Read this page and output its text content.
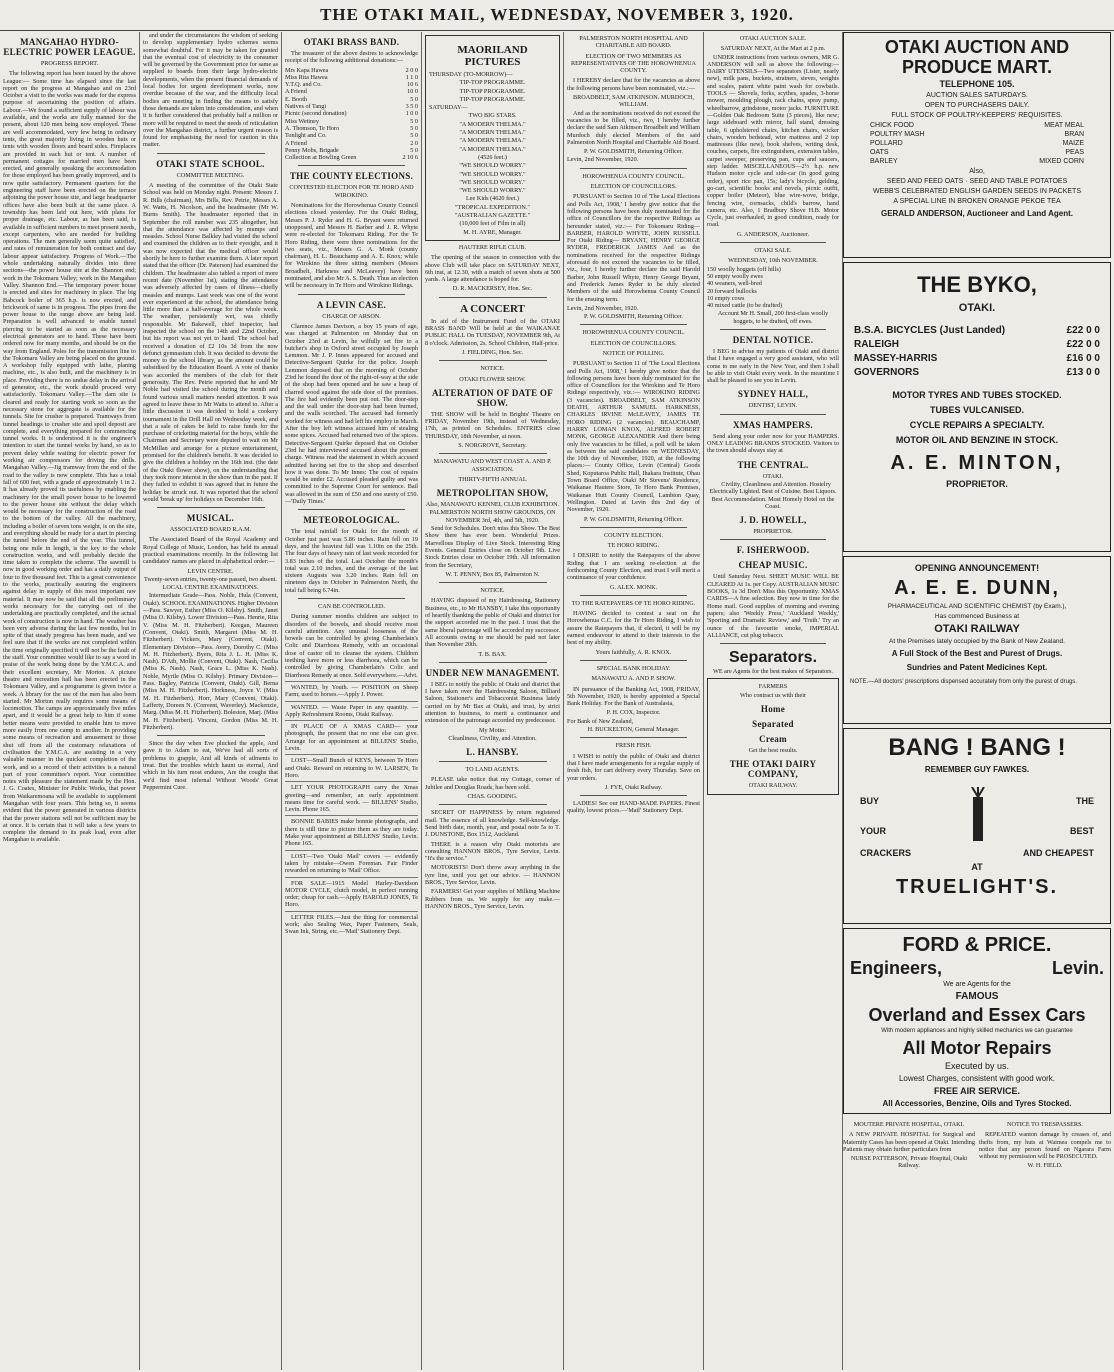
THE OTAKI MAIL, WEDNESDAY, NOVEMBER 3, 1920.
MANGAHAO HYDRO-ELECTRIC POWER LEAGUE.
PROGRESS REPORT.

The following report has been issued by the above League:— Some time has elapsed since the last report on the progress at Mangahao and on 23rd October a visit to the works was made for the express purpose of ascertaining the position of affairs. Labour.—We found a sufficient supply of labour was available, and the works are fully manned for the present, about 120 men being now employed. These are well accommodated, very few being in ordinary tents, the great majority living in wooden huts or tents with wooden floors and board sides. Fireplaces are provided in each hut or tent. A number of permanent cottages for married men have been erected, and generally speaking the accommodation for those employed has been greatly improved, and is now quite satisfactory. Permanent quarters for the engineering staff have been erected on the terrace adjoining the power house site, and large headquarter offices have also been built at the same place. A township has been laid out here, with plans for proper drainage, etc. Labour, as has been said, is available in sufficient numbers to meet present needs, except carpenters, who are needed for building operations. The men generally seem quite satisfied, and rates of remuneration for both contract and day labour appear satisfactory. Progress of Work.—The whole undertaking naturally divides into three sections—the power house site at the Shannon end; work in the Tokomaru Valley; work in the Mangahao Valley. Shannon End.—The temporary power house is erected and sites for machinery in place. The big Babcock boiler of 365 h.p. is now erected, and brickwork of same is in progress. The pipes from the power house to the range above are being laid. Preparation is well advanced to enable tunnel piercing to be started as soon as the necessary electrical generators are to hand. These have been ordered now for many months, and should be on the way from England. Poles for the transmission line to the Tokomaru Valley are being placed on the ground. A workshop fully equipped with lathe, planing machine, etc., is also built, and the machinery is in place. Providing there is no undue delay in the arrival of generator, etc., the work should proceed very satisfactorily. Tokomaru Valley.—The dam site is cleared and ready for starting work so soon as the necessary stone for aggregate is available for the tunnels. Site for crusher is prepared. Tramways from tunnel headings to crusher site and spoil deposit are complete, and everything prepared for commencing tunnel works. It is understood it is the engineer's intention to start the tunnel works by hand, so as to prevent delay while waiting for electric power for working air compressors for driving the drills. Mangahao Valley.—Jig tramway from the end of the road to the valley is now complete. This has a total fall of 600 feet, with a grade of approximately 1 in 2. It has already proved its usefulness by enabling the machinery for the small power house to be lowered to the power house site without the delay which would be necessary for the construction of the road to the bottom of the valley. All the machinery, including a boiler of seven tons weight, is on the site, and everything should be ready for a start in piercing the tunnel before the end of the year. This tunnel, being one mile in length, is the key to the whole construction works, and will probably decide the time taken to complete the scheme. The sawmill is now in good working order and has a daily output of four to five thousand feet. This is a great convenience to the works, practically assuring the engineers against delay in supply of this most important raw material. It may now be said that all the preliminary works necessary for the carrying out of the undertaking are practically completed, and the actual work of construction is now in hand. The weather has been very adverse during the last few months, but in spite of that steady progress has been made, and we feel sure that if the works are not completed within the time originally specified it will not be the fault of the staff. Your committee would like to say a word in praise of the work being done by the Y.M.C.A. and their excellent secretary, Mr Morton. A picture theatre and recreation hall has been erected in the Tokomaru Valley, and a programme is given twice a week. A library for the use of the men has also been started. Mr Morton really requires some means of locomotion. The camps are approximately five miles apart, and it would be a great help to him if some better means were provided to enable him to move more easily from one camp to another. In providing some means of recreation and amusement to those shut off from all the customary relaxations of civilisation the Y.M.C.A. are assisting in a very valuable manner in the quickest completion of the work, and so a record of their activities is a natural part of your committee's report. Your committee notes with pleasure the statement made by the Hon. J. G. Coates, Minister for Public Works, that power from Waikaremoana will be available to supplement Mangahao with four years. This being so, it seems evident that the power generated in various districts that the power stations will not be sufficient may be at once. It is certain that it will take a few years to complete the demand to its peak load, even after Mangahao is available.

and under the circumstances the wisdom of seeking to develop supplementary hydro schemes seems somewhat doubtful. For it may be taken for granted that the eventual cost of electricity to the consumer will be governed by the Government price for same as supplied to boards from their large hydro-electric developments, when the present financial demands of local bodies for urgent development works, now overdue because of the war, and the difficulty local bodies are meeting in finding the means to satisfy those demands are taken into consideration, and when it is further considered that probably half a million or more will be required to meet the needs of reticulation over the Mangahao district, a further urgent reason is found for emphasising the need for caution in this matter.

OTAKI STATE SCHOOL.
COMMITTEE MEETING.

A meeting of the committee of the Otaki State School was held on Monday night. Present: Messrs J. R. Bills (chairman), Mrs Bills, Rev. Petrie, Messrs A. W. Watts, H. Nicolson, and the headmaster (Mr W. Burns Smith). The headmaster reported that in September the roll number was 235 altogether, but that the attendance was affected by mumps and measles. School Nurse Balkley had visited the school and examined the children as to their eyesight, and it was now expected that the medical officer would shortly be here to further examine them. A later report stated that the officer (Dr. Paterson) had examined the children. The headmaster also tabled a report of more recent date (November 1st), stating the attendance was adversely affected by cases of illness—chiefly measles and mumps. Last week was one of the worst ever experienced at the school, the attendance being little more than a half-average for the whole week. The weather, persistently wet, was chiefly responsible. Mr Bakewell, chief inspector, had inspected the school on the 14th and 22nd October, but his report was not yet to hand. The school had received a donation of £2 10s 3d from the now defunct gymnasium club. It was decided to devote the money to the school library, as the amount could be subsidised by the Education Board. A vote of thanks was accorded the members of the club for their generosity. The Rev. Petrie reported that he and Mr Noble had visited the school during the month and found various small matters needed attention. It was agreed to leave these to Mr Watts to attend to. After a little discussion it was decided to hold a cookery tournament in the Drill Hall on Wednesday week, and that a sale of cakes be held to raise funds for the purchase of cricketing material for the boys, while the Chairman and Secretary were deputed to wait on Mr McMillan and arrange for a picture entertainment, promised for the children's benefit. It was decided to give the children a holiday on the 16th inst. (the date of the Otaki flower show), on the understanding that they took more interest in the show than in the past. If they failed to exhibit it was agreed that in future the holiday be struck out. It was reported that the school would 'break up' for holidays on December 16th.

MUSICAL.
ASSOCIATED BOARD R.A.M.

The Associated Board of the Royal Academy and Royal College of Music, London, has held its annual practical examinations recently. In the following list candidates' names are placed in alphabetical order:—

LEVIN CENTRE.
Twenty-seven entries, twenty-one passed, two absent.
LOCAL CENTRE EXAMINATIONS.

Intermediate Grade—Pass. Noble, Hula (Convent, Otaki). SCHOOL EXAMINATIONS. Higher Division—Pass. Sawyer, Esther (Miss O. Kilsby). Smith, Janet (Miss O. Kilsby). Lower Division—Pass. Henrie, Rita V. (Miss M. H. Fitzherbert). Keegan, Maureen (Convent, Otaki). Smith, Margaret (Miss M. H. Fitzherbert). Vickers, Mary (Convent, Otaki). Elementary Division—Pass. Avery, Dorothy C. (Miss M. H. Fitzherbert). Byers, Rita J. L. H. (Miss K. Nash). D'Ath, Mollie (Convent, Otaki). Nash, Cecilia (Miss K. Nash). Nash, Grace L. (Miss K. Nash). Noble, Myrtle (Miss O. Kilsby). Primary Division—Pass. Bagley, Patricia (Convent, Otaki). Gill, Berna (Miss M. H. Fitzherbert). Horkness, Joyce V. (Miss M. H. Fitzherbert). Horr, Mary (Convent, Otaki). Lafferty, Doreen N. (Convent, Waverley). Mackenzie, Marg. (Miss M. H. Fitzherbert). Boleston, Marj. (Miss M. H. Fitzherbert). Vincent, Gordon (Miss M. H. Fitzherbert).

Since the day when Eve plucked the apple, And gave it to Adam to eat, We've had all sorts of problems to grapple, And all kinds of ailments to treat. But the troubles which haunt us eternal, And which in his turn most endures, Are the coughs that we'd find most infernal Without Woods' Great Peppermint Cure.

OTAKI BRASS BAND.

The treasurer of the above desires to acknowledge receipt of the following additional donations:—

Mrs Kapa Hawea	2 0 0
Miss Rita Hawea	1 1 0
Y.T.Q. and Co.	10 6
A Friend	10 0
E. Booth	5 0
Natives of Tangi	3 5 0
Picnic (second donation)	1 0 0
Miss Wetiney	5 0
A. Thomson, Te Horo	5 0
Tonlight and Co.	5 0
A Friend	2 0
Penny Mobs, Brigade	5 0
Collection at Bowling Green	2 10 6
THE COUNTY ELECTIONS.
CONTESTED ELECTION FOR TE HORO AND WIROKINO.

Nominations for the Horowhenua County Council elections closed yesterday. For the Otaki Riding, Messrs P. J. Ryder and H. G. Bryant were returned unopposed, and Messrs H. Barber and J. R. Whyte were re-elected for Tokomaru Riding. For the Te Horo Riding, there were three nominations for the two seats, viz., Messrs G. A. Monk (county chairman), H. L. Beauchamp and A. E. Knox; while for Wirokino the three sitting members (Messrs Broadbelt, Harkness and McLeavey) have been nominated, and also Mr A. S. Death. Thus an election will be necessary in Te Horo and Wirokino Ridings.

A LEVIN CASE.
CHARGE OF ARSON.

Clarence James Davison, a boy 15 years of age, was charged at Palmerston on Monday that on October 23rd at Levin, he wilfully set fire to a butcher's shop in Oxford street occupied by Joseph Lemmon. Mr J. P. Innes appeared for accused and Detective-Sergeant Quirke for the police. Joseph Lemmon deposed that on the morning of October 23rd he found the door of the right-of-way at the side of the shop had been opened and he saw a heap of charred wood against the side door of the premises. The fire had evidently been put out. The door-step and the wall under the door-step had been burned, and the walls scorched. The accused had formerly worked for witness and had left his employ in March. After the boy left witness accused him of stealing some spices. Accused had returned two of the spices. Detective-Sergeant Quirke deposed that on October 23rd he had interviewed accused about the present charge. Witness read the statement in which accused admitted having set fire to the shop and described how it was done. To Mr Innes: The cost of repairs would be under £2. Accused pleaded guilty and was committed to the Supreme Court for sentence. Bail was allowed in the sum of £50 and one surety of £50.—'Daily Times.'

METEOROLOGICAL.

The total rainfall for Otaki for the month of October just past was 5.86 inches. Rain fell on 19 days, and the heaviest fall was 1.10in on the 25th. The four days of heavy rain of last week recorded for 3.83 inches of the total. Last October the month's total was 2.10 inches, and the average of the last sixteen Augusts was 3.20 inches. Rain fell on nineteen days in October in Palmerston North, the total fall being 6.74in.

CAN BE CONTROLLED.

During summer months children are subject to disorders of the bowels, and should receive most careful attention. Any unusual looseness of the bowels can be controlled by giving Chamberlain's Colic and Diarrhoea Remedy, with an occasional dose of castor oil to cleanse the system. Children teething have more or less diarrhoea, which can be controlled by giving Chamberlain's Colic and Diarrhoea Remedy at once. Sold everywhere.—Advt.

WANTED, by Youth. — POSITION on Sheep Farm; used to horses.—Apply J. Power.

WANTED. — Waste Paper in any quantity. — Apply Refreshment Rooms, Otaki Railway.

IN PLACE OF A XMAS CARD— your photograph, the present that no one else can give. Arrange for an appointment at BILLENS' Studio, Levin.

LOST—Small Bunch of KEYS, between Te Horo and Otaki. Reward on returning to W. LARSEN, Te Horo.

LET YOUR PHOTOGRAPH carry the Xmas greeting—and remember, an early appointment means time for careful work. — BILLENS' Studio, Levin. Phone 165.

BONNIE BABIES make bonnie photographs, and there is still time to picture them as they are today. Make your appointment at BILLENS' Studio, Levin. Phone 165.

LOST—Two 'Otaki Mail' covers — evidently taken by mistake—Owen Foreman. Fair Finder rewarded on returning to 'Mail' Office.

FOR SALE—1915 Model Harley-Davidson MOTOR CYCLE, clutch model, in perfect running order; cheap for cash.—Apply HAROLD JONES, Te Horo.

LETTER FILES.—Just the thing for commercial work; also Sealing Wax, Paper Fasteners, Seals, Swan Ink, String, etc.—'Mail' Stationery Dept.

MAORILAND PICTURES
THURSDAY (TO-MORROW)—
TIP-TOP PROGRAMME.
TIP-TOP PROGRAMME.
TIP-TOP PROGRAMME.
SATURDAY—
TWO BIG STARS.
"A MODERN THELMA."
"A MODERN THELMA."
"A MODERN THELMA."
"A MODERN THELMA."
(4526 feet.)
"WE SHOULD WORRY."
"WE SHOULD WORRY."
"WE SHOULD WORRY."
"WE SHOULD WORRY."
Lee Kids (4620 feet.)
"TROPICAL EXPEDITION."
"AUSTRALIAN GAZETTE."
(10,000 feet of Film in all)
M. H. AYRE, Manager.
HAUTERE RIFLE CLUB.

The opening of the season in connection with the above Club will take place on SATURDAY NEXT, 6th inst, at 12.30, with a match of seven shots at 500 yards. A large attendance is hoped for.

D. R. MACKERSEY, Hon. Sec.
A CONCERT

In aid of the Instrument Fund of the OTAKI BRASS BAND Will be held at the WAIKANAE PUBLIC HALL On TUESDAY, NOVEMBER 9th, At 8 o'clock. Admission, 2s. School Children, Half-price.

J. FIELDING, Hon. Sec.
NOTICE.
OTAKI FLOWER SHOW.
ALTERATION OF DATE OF SHOW.

THE SHOW will be held in Brights' Theatre on FRIDAY, November 19th, instead of Wednesday, 17th, as printed on Schedules. ENTRIES close THURSDAY, 18th November, at noon.

S. NORGROVE, Secretary.
MANAWATU AND WEST COAST A. AND P. ASSOCIATION.
THIRTY-FIFTH ANNUAL
METROPOLITAN SHOW,
Also, MANAWATU KENNEL CLUB EXHIBITION.
PALMERSTON NORTH SHOW GROUNDS, ON NOVEMBER 3rd, 4th, and 5th, 1920.

Send for Schedules. Don't miss this Show. The Best Show there has ever been. Wonderful Prizes. Marvellous Display of Live Stock. Interesting Ring Events. General Entries close on October 9th. Live Stock Entries close on October 19th. All information from the Secretary,

W. T. PENNY, Box 85, Palmerston N.
NOTICE.

HAVING disposed of my Hairdressing, Stationery Business, etc., to Mr HANSBY, I take this opportunity of heartily thanking the public of Otaki and district for the support accorded me in the past. I trust that the same liberal patronage will be accorded my successor. All accounts owing to me should be paid not later than November 20th.

T. B. BAX.
UNDER NEW MANAGEMENT.

I BEG to notify the public of Otaki and district that I have taken over the Hairdressing Saloon, Billiard Saloon, Stationer's and Tobacconist Business lately carried on by Mr Bax at Otaki, and trust, by strict attention to business, to merit a continuance and extension of the patronage accorded my predecessor.

My Motto:
Cleanliness, Civility, and Attention.
L. HANSBY.
TO LAND AGENTS.

PLEASE take notice that my Cottage, corner of Jubilee and Douglas Roads, has been sold.

CHAS. GOODING.

SECRET OF HAPPINESS by return registered mail. The essence of all knowledge. Self-knowledge. Send birth date, month, year, and postal note 5s to T. J. DUNSTONE, Box 1512, Auckland.

THERE is a reason why Otaki motorists are consulting HANNON BROS., Tyre Service, Levin. "It's the service."

MOTORISTS! Don't throw away anything in the tyre line, until you get our advice. — HANNON BROS., Tyre Service, Levin.

FARMERS! Get your supplies of Milking Machine Rubbers from us. We supply for any make.—HANNON BROS., Tyre Service, Levin.

PALMERSTON NORTH HOSPITAL AND CHARITABLE AID BOARD.
ELECTION OF TWO MEMBERS AS REPRESENTATIVES OF THE HOROWHENUA COUNTY.

I HEREBY declare that for the vacancies as above the following persons have been nominated, viz.:—

BROADBELT, SAM ATKINSON. MURDOCH, WILLIAM.

And as the nominations received do not exceed the vacancies to be filled, viz., two, I hereby further declare the said Sam Atkinson Broadbelt and William Murdoch duly elected Members of the said Palmerston North Hospital and Charitable Aid Board.

P. W. GOLDSMITH, Returning Officer.
Levin, 2nd November, 1920.
HOROWHENUA COUNTY COUNCIL.
ELECTION OF COUNCILLORS.

PURSUANT to Section 10 of 'The Local Elections and Polls Act, 1908,' I hereby give notice that the following persons have been duly nominated for the office of Councillors for the respective Ridings as hereunder stated, viz.:— For Tokomaru Riding— BARBER, HAROLD WHYTE, JOHN RUSSELL For Otaki Riding— BRYANT, HENRY GEORGE RYDER, FREDERICK JAMES And as the nominations received for the respective Ridings aforesaid do not exceed the vacancies to be filled, viz., four, I hereby further declare the said Harold Barber, John Russell Whyte, Henry George Bryant, and Frederick James Ryder to be duly elected Members of the said Horowhenua County Council for the ensuing term.

Levin, 2nd November, 1920.
P. W. GOLDSMITH, Returning Officer.
HOROWHENUA COUNTY COUNCIL.
ELECTION OF COUNCILLORS.
NOTICE OF POLLING.

PURSUANT to Section 11 of 'The Local Elections and Polls Act, 1908,' I hereby give notice that the following persons have been duly nominated for the office of Councillors for the Wirokino and Te Horo Ridings respectively, viz.:— WIROKINO RIDING (3 vacancies). BROADBELT, SAM ATKINSON DEATH, ARTHUR SAMUEL HARKNESS, CHARLES IRVINE McLEAVEY, JAMES TE HORO RIDING (2 vacancies). BEAUCHAMP, HARRY LOMAN KNOX, ALFRED ROBERT MONK, GEORGE ALEXANDER And there being only five vacancies to be filled, a poll will be taken as between the said candidates on WEDNESDAY, the 10th day of November, 1920, at the following places:— County Office, Levin (Central) Goods Shed, Koputaroa Public Hall, Ihakara Institute, Ohau Town Board Office, Otaki Mr Stevens' Residence, Waikanae Hautere Store, Te Horo Bank Premises, Waikanae Hutt County Council, Lambton Quay, Wellington. Dated at Levin this 2nd day of November, 1920.

P. W. GOLDSMITH, Returning Officer.
COUNTY ELECTION.
TE HORO RIDING.

I DESIRE to notify the Ratepayers of the above Riding that I am seeking re-election at the forthcoming County Election, and trust I will merit a continuance of your confidence.

G. ALEX. MONK.
TO THE RATEPAYERS OF TE HORO RIDING.

HAVING decided to contest a seat on the Horowhenua C.C. for the Te Horo Riding, I wish to assure the Ratepayers that, if elected, it will be my earnest endeavour to attend to their interests to the best of my ability.

Yours faithfully, A. R. KNOX.
SPECIAL BANK HOLIDAY.
MANAWATU A. AND P. SHOW.

IN pursuance of the Banking Act, 1908, FRIDAY, 5th November, 1920, is hereby appointed a Special Bank Holiday. For the Bank of Australasia,

P. H. COX, Inspector.
For Bank of New Zealand,
H. BUCKELTON, General Manager.
FRESH FISH.

I WISH to notify the public of Otaki and district that I have made arrangements for a regular supply of fresh fish, for cart delivery every Thursday. Save on your orders.

J. FYE, Otaki Railway.

LADIES! See our HAND-MADE PAPERS. Finest quality, lowest prices.—'Mail' Stationery Dept.

OTAKI AUCTION SALE.
SATURDAY NEXT, At the Mart at 2 p.m.

UNDER instructions from various owners, MR G. ANDERSON will sell as above the following:— DAIRY UTENSILS—Two separators (Lister, nearly new), milk pans, buckets, strainers, sieves, weights and scales, patent white paint wash for cowbails. TOOLS — Shovels, forks, scythes, spades, 3-horse mower, moulding plough, rack chains, spray pump, wheelbarrow, grindstone, motor jacks. FURNITURE—Golden Oak Bedroom Suite (3 pieces), like new; large sideboard with mirror, hall stand, dressing table, 6 upholstered chairs, kitchen chairs, wicker chairs, wooden bedstead, wire mattress and 2 top mattresses (like new), book shelves, writing desk, couches, carpets, fire extinguishers, extension tables, carpet sweeper, preserving pan, cups and saucers, step ladder. MISCELLANEOUS—2½ h.p. new Hudson motor cycle and side-car (in good going order), sport rice pan, 15s; lady's bicycle, gelding, go-cart, scientific books and novels, picnic outfit, copper boiler (Meteor), blue wire-wove, bridge, fencing wire, cornsacks, child's barrow, hand camera, etc. Also, 1 Bradbury Shove H.B. Motor Cycle, just overhauled, in good condition, ready for road.

G. ANDERSON, Auctioneer.
OTAKI SALE.
WEDNESDAY, 10th NOVEMBER.
150 woolly hoggets (off hills)
50 empty woolly ewes
40 weaners, well-bred
20 forward bullocks
10 empty cows
40 mixed cattle (to be drafted)
Account Mr H. Small, 200 first-class woolly hoggets, to be drafted, off ewes.
DENTAL NOTICE.

I BEG to advise my patients of Otaki and district that I have engaged a very good assistant, who will come to me early in the New Year, and then I shall be able to visit Otaki every week. In the meantime I shall be pleased to see you in Levin.

SYDNEY HALL,
DENTIST, LEVIN.
XMAS HAMPERS.

Send along your order now for your HAMPERS. ONLY LEADING BRANDS STOCKED. Visitors to the town should always stay at

THE CENTRAL.
OTAKI.

Civility, Cleanliness and Attention. Hostelry Electrically Lighted. Best of Cuisine. Best Liquors. Best Accommodation. Most Homely Hotel on the Coast.

J. D. HOWELL,
PROPRIETOR.
F. ISHERWOOD.
CHEAP MUSIC.

Until Saturday Next. SHEET MUSIC WILL BE CLEARED At 1s. per Copy. AUSTRALIAN MUSIC BOOKS, 1s 3d Don't Miss this Opportunity. XMAS CARDS—A fine selection. Buy now in time for the Home mail. Good supplies of morning and evening papers; also 'Weekly Press,' 'Auckland Weekly,' 'Sporting and Dramatic Review,' and 'Truth.' Try an ounce of the favourite smoke, IMPERIAL ALLIANCE, cut plug tobacco.

Separators.

WE are Agents for the best makes of Separators.

FARMERS
Who contract us with their
Home
Separated
Cream
Get the best results.
THE OTAKI DAIRY COMPANY,
OTAKI RAILWAY.
OTAKI AUCTION AND PRODUCE MART.
TELEPHONE 105.
AUCTION SALES SATURDAYS.
OPEN TO PURCHASERS DAILY.
FULL STOCK OF POULTRY-KEEPERS' REQUISITES.
CHICK FOOD	MEAT MEAL
POULTRY MASH	BRAN
POLLARD	MAIZE
OATS	PEAS
BARLEY	MIXED CORN
Also,
SEED AND FEED OATS · SEED AND TABLE POTATOES
WEBB'S CELEBRATED ENGLISH GARDEN SEEDS IN PACKETS
A SPECIAL LINE IN BROKEN ORANGE PEKOE TEA
GERALD ANDERSON, Auctioneer and Land Agent.
THE BYKO,
OTAKI.
B.S.A. BICYCLES (Just Landed)	£22 0 0
RALEIGH	£22 0 0
MASSEY-HARRIS	£16 0 0
GOVERNORS	£13 0 0
MOTOR TYRES AND TUBES STOCKED.
TUBES VULCANISED.
CYCLE REPAIRS A SPECIALTY.
MOTOR OIL AND BENZINE IN STOCK.
A. E. MINTON,
PROPRIETOR.
OPENING ANNOUNCEMENT!
A. E. E. DUNN,
PHARMACEUTICAL AND SCIENTIFIC CHEMIST (by Exam.),
Has commenced Business at
OTAKI RAILWAY
At the Premises lately occupied by the Bank of New Zealand.
A Full Stock of the Best and Purest of Drugs.
Sundries and Patent Medicines Kept.
NOTE.—All doctors' prescriptions dispensed accurately from only the purest of drugs.
BANG ! BANG !
REMEMBER GUY FAWKES.
BUY
YOUR
THE
BEST
CRACKERS	AND CHEAPEST
AT
TRUELIGHT'S.
FORD & PRICE.
Engineers,	Levin.
We are Agents for the
FAMOUS
Overland and Essex Cars
With modern appliances and highly skilled mechanics we can guarantee
All Motor Repairs
Executed by us.
Lowest Charges, consistent with good work.
FREE AIR SERVICE.
All Accessories, Benzine, Oils and Tyres Stocked.
MOUTERE PRIVATE HOSPITAL, OTAKI.

A NEW PRIVATE HOSPITAL for Surgical and Maternity Cases has been opened at Otaki. Intending Patients may obtain further particulars from

NURSE PATTERSON, Private Hospital, Otaki Railway.
NOTICE TO TRESPASSERS.

REPEATED wanton damage by creases of, and thefts from, my huts at Waimea compels me to notice that any person found on Ngarara Farm without my permission will be PROSECUTED.

W. H. FIELD.
